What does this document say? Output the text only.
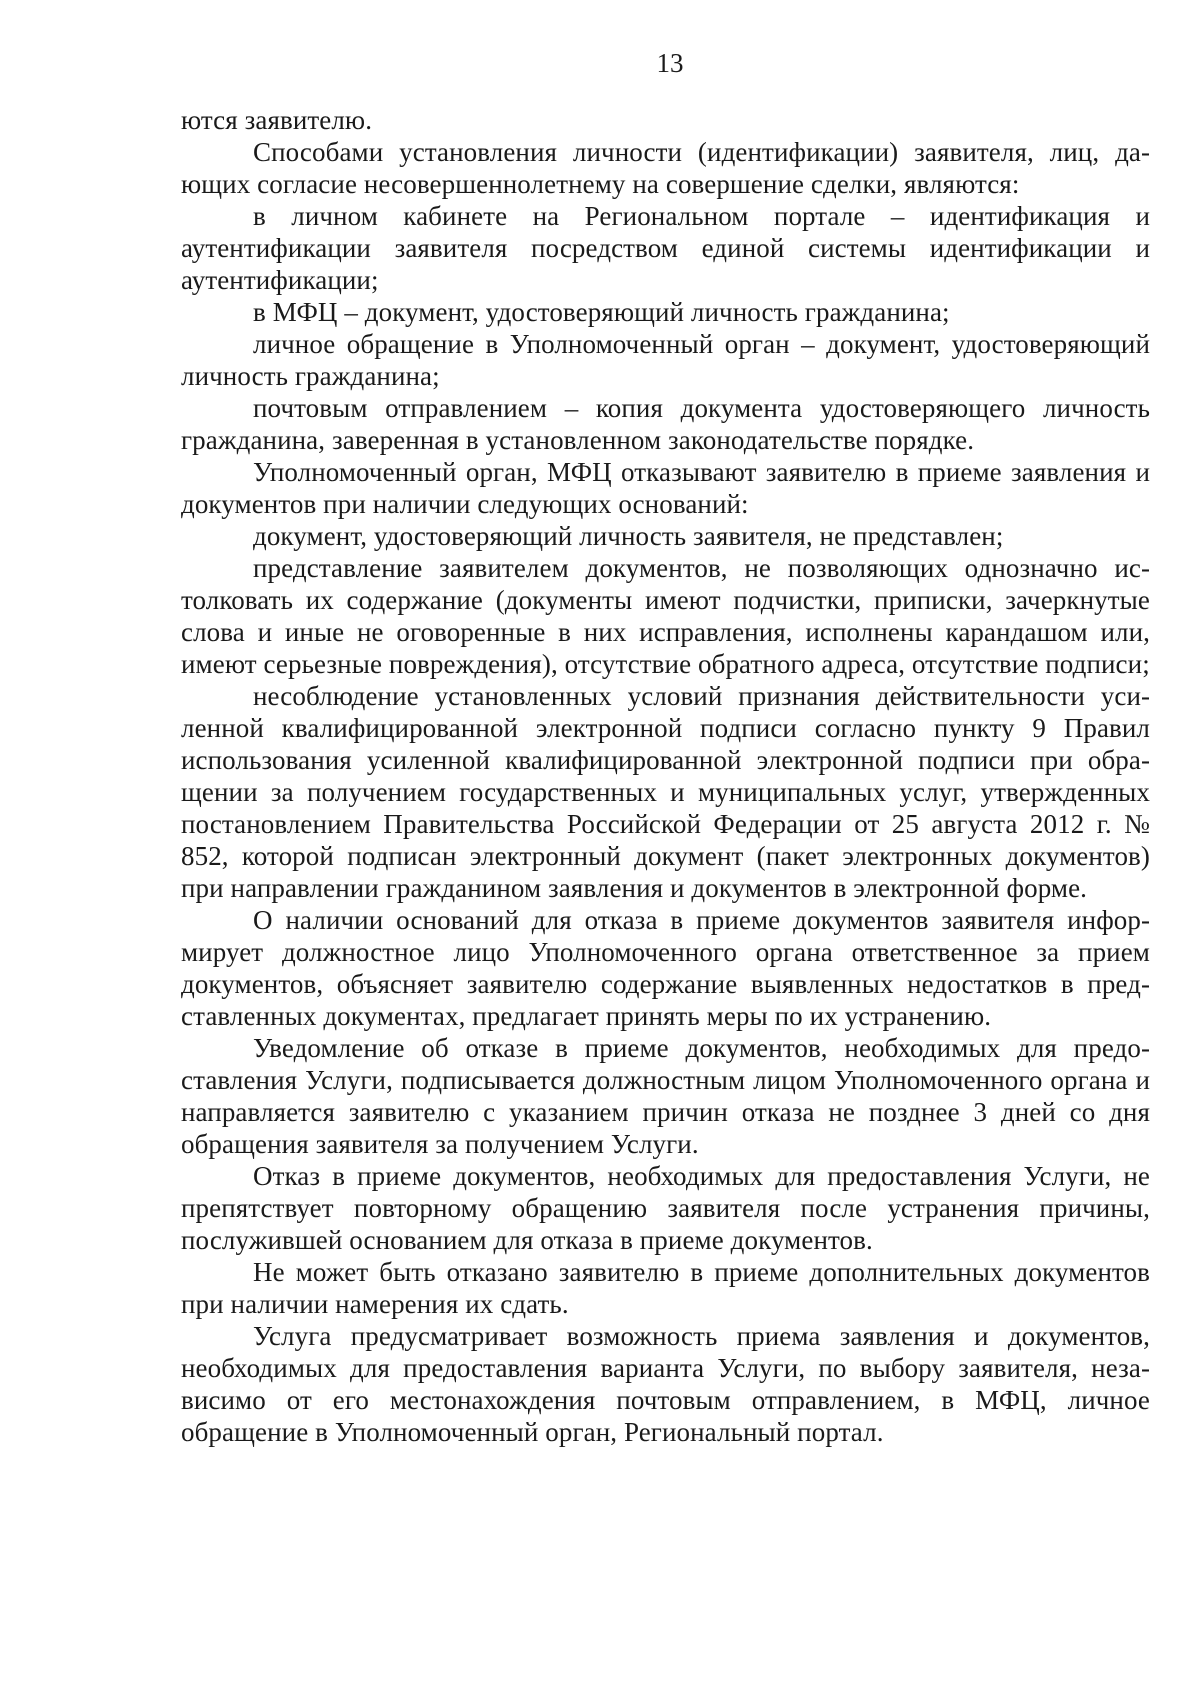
13

ются заявителю.

Способами установления личности (идентификации) заявителя, лиц, дающих согласие несовершеннолетнему на совершение сделки, являются:

в личном кабинете на Региональном портале – идентификация и аутентификации заявителя посредством единой системы идентификации и аутентификации;

в МФЦ – документ, удостоверяющий личность гражданина;

личное обращение в Уполномоченный орган – документ, удостоверяющий личность гражданина;

почтовым отправлением – копия документа удостоверяющего личность гражданина, заверенная в установленном законодательстве порядке.

Уполномоченный орган, МФЦ отказывают заявителю в приеме заявления и документов при наличии следующих оснований:

документ, удостоверяющий личность заявителя, не представлен;

представление заявителем документов, не позволяющих однозначно истолковать их содержание (документы имеют подчистки, приписки, зачеркнутые слова и иные не оговоренные в них исправления, исполнены карандашом или, имеют серьезные повреждения), отсутствие обратного адреса, отсутствие подписи;

несоблюдение установленных условий признания действительности усиленной квалифицированной электронной подписи согласно пункту 9 Правил использования усиленной квалифицированной электронной подписи при обращении за получением государственных и муниципальных услуг, утвержденных постановлением Правительства Российской Федерации от 25 августа 2012 г. № 852, которой подписан электронный документ (пакет электронных документов) при направлении гражданином заявления и документов в электронной форме.

О наличии оснований для отказа в приеме документов заявителя информирует должностное лицо Уполномоченного органа ответственное за прием документов, объясняет заявителю содержание выявленных недостатков в представленных документах, предлагает принять меры по их устранению.

Уведомление об отказе в приеме документов, необходимых для предоставления Услуги, подписывается должностным лицом Уполномоченного органа и направляется заявителю с указанием причин отказа не позднее 3 дней со дня обращения заявителя за получением Услуги.

Отказ в приеме документов, необходимых для предоставления Услуги, не препятствует повторному обращению заявителя после устранения причины, послужившей основанием для отказа в приеме документов.

Не может быть отказано заявителю в приеме дополнительных документов при наличии намерения их сдать.

Услуга предусматривает возможность приема заявления и документов, необходимых для предоставления варианта Услуги, по выбору заявителя, независимо от его местонахождения почтовым отправлением, в МФЦ, личное обращение в Уполномоченный орган, Региональный портал.
